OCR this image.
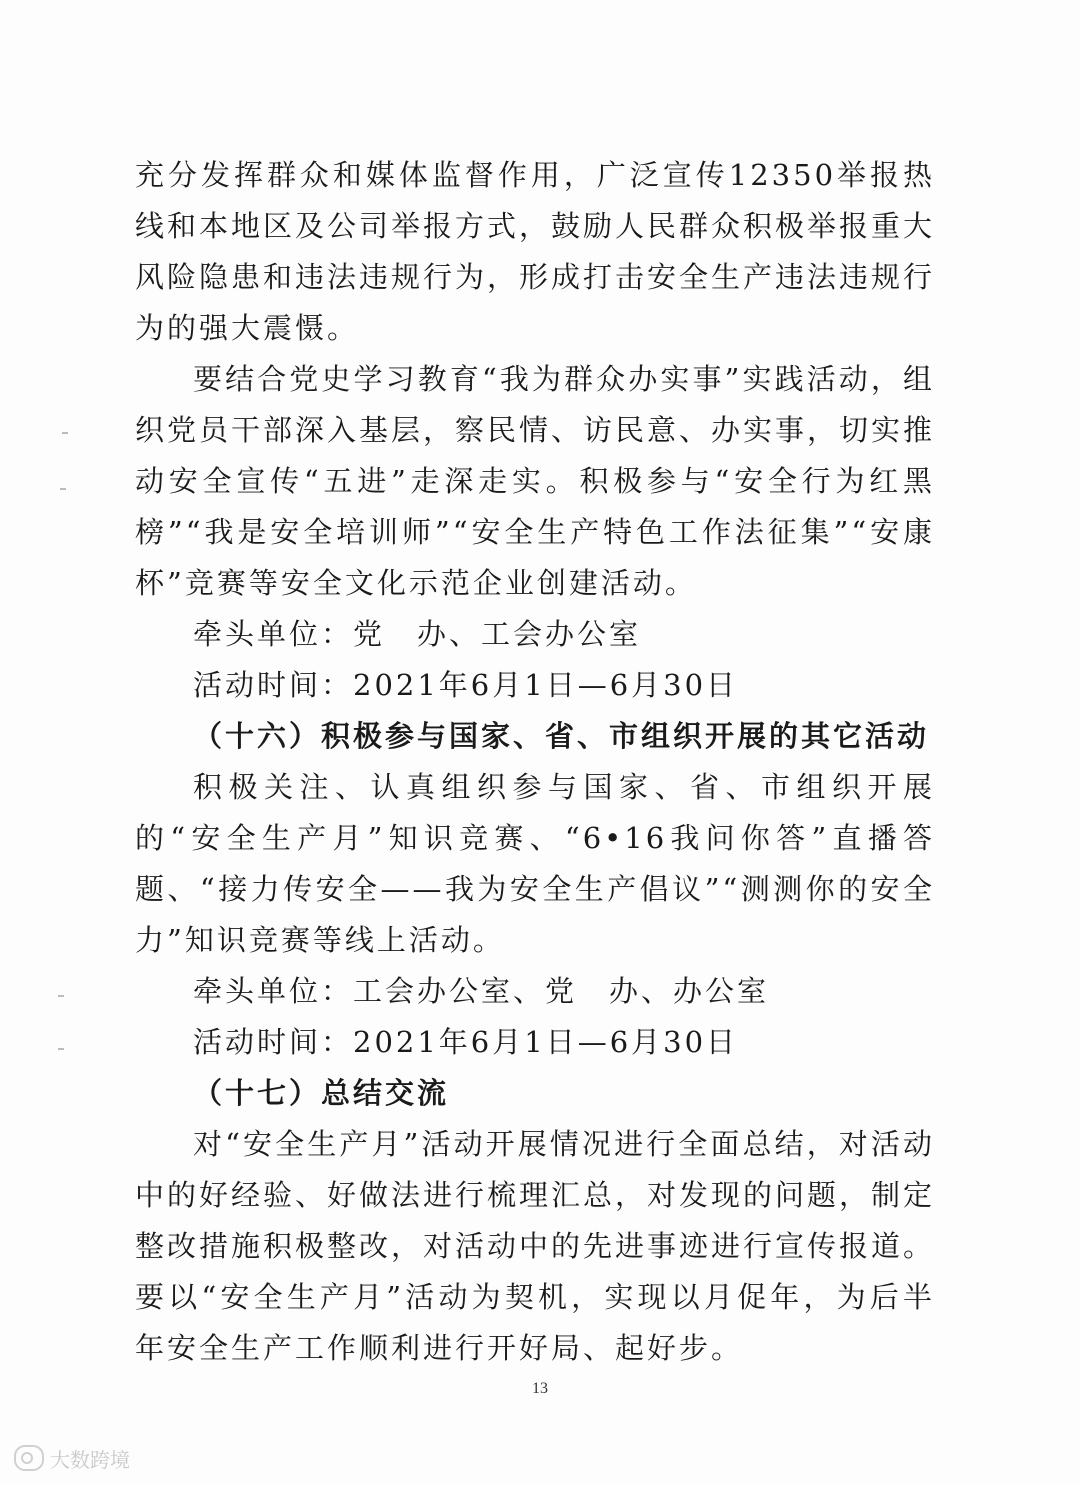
充分发挥群众和媒体监督作用，广泛宣传12350举报热线和本地区及公司举报方式，鼓励人民群众积极举报重大风险隐患和违法违规行为，形成打击安全生产违法违规行为的强大震慑。

要结合党史学习教育“我为群众办实事”实践活动，组织党员干部深入基层，察民情、访民意、办实事，切实推动安全宣传“五进”走深走实。积极参与“安全行为红黑榜”“我是安全培训师”“安全生产特色工作法征集”“安康杯”竞赛等安全文化示范企业创建活动。

牵头单位：党　办、工会办公室

活动时间：2021年6月1日—6月30日

（十六）积极参与国家、省、市组织开展的其它活动

积极关注、认真组织参与国家、省、市组织开展的“安全生产月”知识竞赛、“6•16我问你答”直播答题、“接力传安全——我为安全生产倡议”“测测你的安全力”知识竞赛等线上活动。

牵头单位：工会办公室、党　办、办公室

活动时间：2021年6月1日—6月30日

（十七）总结交流

对“安全生产月”活动开展情况进行全面总结，对活动中的好经验、好做法进行梳理汇总，对发现的问题，制定整改措施积极整改，对活动中的先进事迹进行宣传报道。要以“安全生产月”活动为契机，实现以月促年，为后半年安全生产工作顺利进行开好局、起好步。

13
大数跨境
